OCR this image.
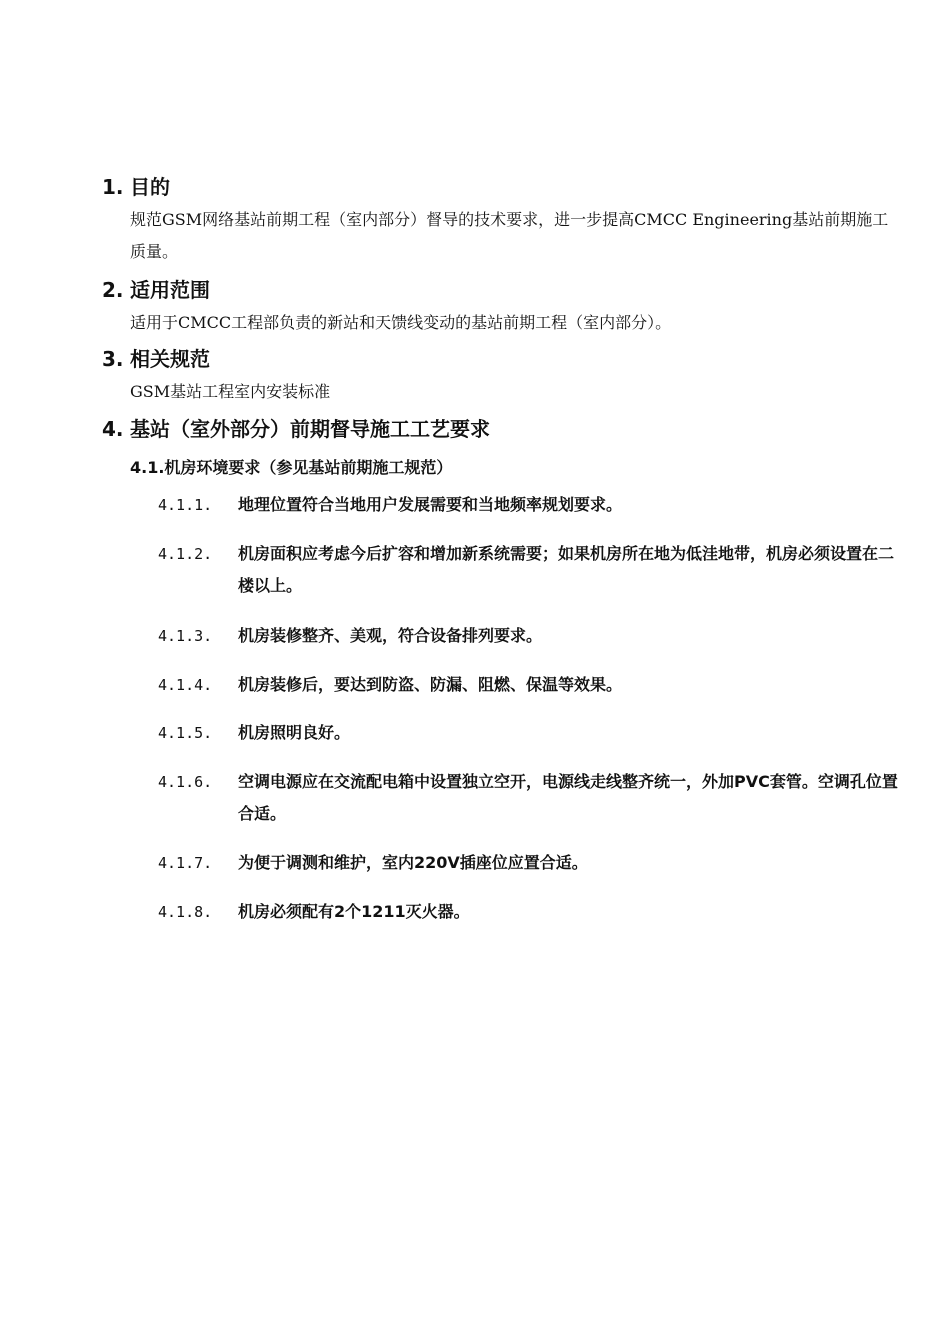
1. 目的
规范GSM网络基站前期工程（室内部分）督导的技术要求，进一步提高CMCC Engineering基站前期施工质量。
2. 适用范围
适用于CMCC工程部负责的新站和天馈线变动的基站前期工程（室内部分）。
3. 相关规范
GSM基站工程室内安装标准
4. 基站（室外部分）前期督导施工工艺要求
4.1.机房环境要求（参见基站前期施工规范）
4.1.1.	地理位置符合当地用户发展需要和当地频率规划要求。
4.1.2.	机房面积应考虑今后扩容和增加新系统需要；如果机房所在地为低洼地带，机房必须设置在二楼以上。
4.1.3.	机房装修整齐、美观，符合设备排列要求。
4.1.4.	机房装修后，要达到防盗、防漏、阻燃、保温等效果。
4.1.5.	机房照明良好。
4.1.6.	空调电源应在交流配电箱中设置独立空开，电源线走线整齐统一，外加PVC套管。空调孔位置合适。
4.1.7.	为便于调测和维护，室内220V插座位应置合适。
4.1.8.	机房必须配有2个1211灭火器。
